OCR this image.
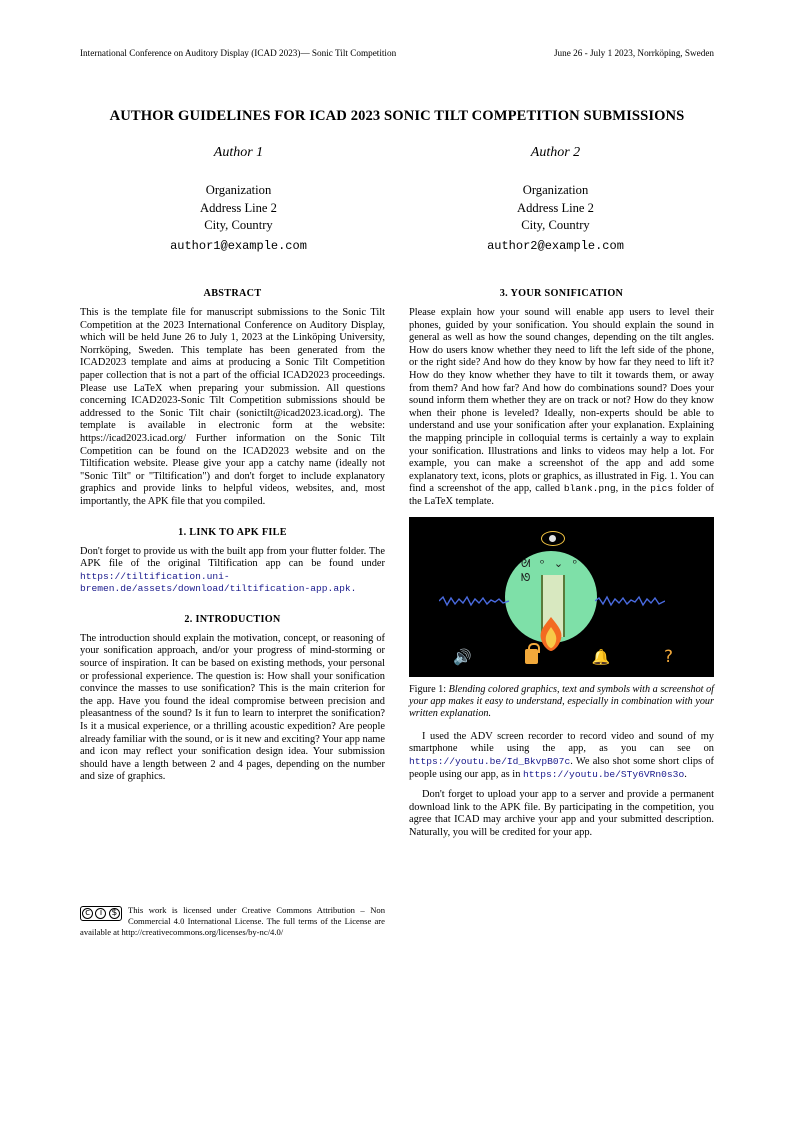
International Conference on Auditory Display (ICAD 2023)— Sonic Tilt Competition	June 26 - July 1 2023, Norrköping, Sweden
AUTHOR GUIDELINES FOR ICAD 2023 SONIC TILT COMPETITION SUBMISSIONS
Author 1
Organization
Address Line 2
City, Country
author1@example.com
Author 2
Organization
Address Line 2
City, Country
author2@example.com
ABSTRACT

This is the template file for manuscript submissions to the Sonic Tilt Competition at the 2023 International Conference on Auditory Display, which will be held June 26 to July 1, 2023 at the Linköping University, Norrköping, Sweden. This template has been generated from the ICAD2023 template and aims at producing a Sonic Tilt Competition paper collection that is not a part of the official ICAD2023 proceedings. Please use LaTeX when preparing your submission. All questions concerning ICAD2023-Sonic Tilt Competition submissions should be addressed to the Sonic Tilt chair (sonictilt@icad2023.icad.org). The template is available in electronic form at the website: https://icad2023.icad.org/ Further information on the Sonic Tilt Competition can be found on the ICAD2023 website and on the Tiltification website. Please give your app a catchy name (ideally not "Sonic Tilt" or "Tiltification") and don't forget to include explanatory graphics and provide links to helpful videos, websites, and, most importantly, the APK file that you compiled.

1. LINK TO APK FILE

Don't forget to provide us with the built app from your flutter folder. The APK file of the original Tiltification app can be found under https://tiltification.uni-bremen.de/assets/download/tiltification-app.apk.

2. INTRODUCTION

The introduction should explain the motivation, concept, or reasoning of your sonification approach, and/or your progress of mind-storming or source of inspiration. It can be based on existing methods, your personal or professional experience. The question is: How shall your sonification convince the masses to use sonification? This is the main criterion for the app. Have you found the ideal compromise between precision and pleasantness of the sound? Is it fun to learn to interpret the sonification? Is it a musical experience, or a thrilling acoustic expedition? Are people already familiar with the sound, or is it new and exciting? Your app name and icon may reflect your sonification design idea. Your submission should have a length between 2 and 4 pages, depending on the number and size of graphics.

3. YOUR SONIFICATION

Please explain how your sound will enable app users to level their phones, guided by your sonification. You should explain the sound in general as well as how the sound changes, depending on the tilt angles. How do users know whether they need to lift the left side of the phone, or the right side? And how do they know by how far they need to lift it? How do they know whether they have to tilt it towards them, or away from them? And how far? And how do combinations sound? Does your sound inform them whether they are on track or not? How do they know when their phone is leveled? Ideally, non-experts should be able to understand and use your sonification after your explanation. Explaining the mapping principle in colloquial terms is certainly a way to explain your sonification. Illustrations and links to videos may help a lot. For example, you can make a screenshot of the app and add some explanatory text, icons, plots or graphics, as illustrated in Fig. 1. You can find a screenshot of the app, called blank.png, in the pics folder of the LaTeX template.

ᘛ ᵒ ⌄ ᵒ ᘚ
🔊	🔔	?
Figure 1: Blending colored graphics, text and symbols with a screenshot of your app makes it easy to understand, especially in combination with your written explanation.

I used the ADV screen recorder to record video and sound of my smartphone while using the app, as you can see on https://youtu.be/Id_BkvpB07c. We also shot some short clips of people using our app, as in https://youtu.be/STy6VRn0s3o.

Don't forget to upload your app to a server and provide a permanent download link to the APK file. By participating in the competition, you agree that ICAD may archive your app and your submitted description. Naturally, you will be credited for your app.

c	i	$	This work is licensed under Creative Commons Attribution – Non Commercial 4.0 International License. The full terms of the License are available at http://creativecommons.org/licenses/by-nc/4.0/
